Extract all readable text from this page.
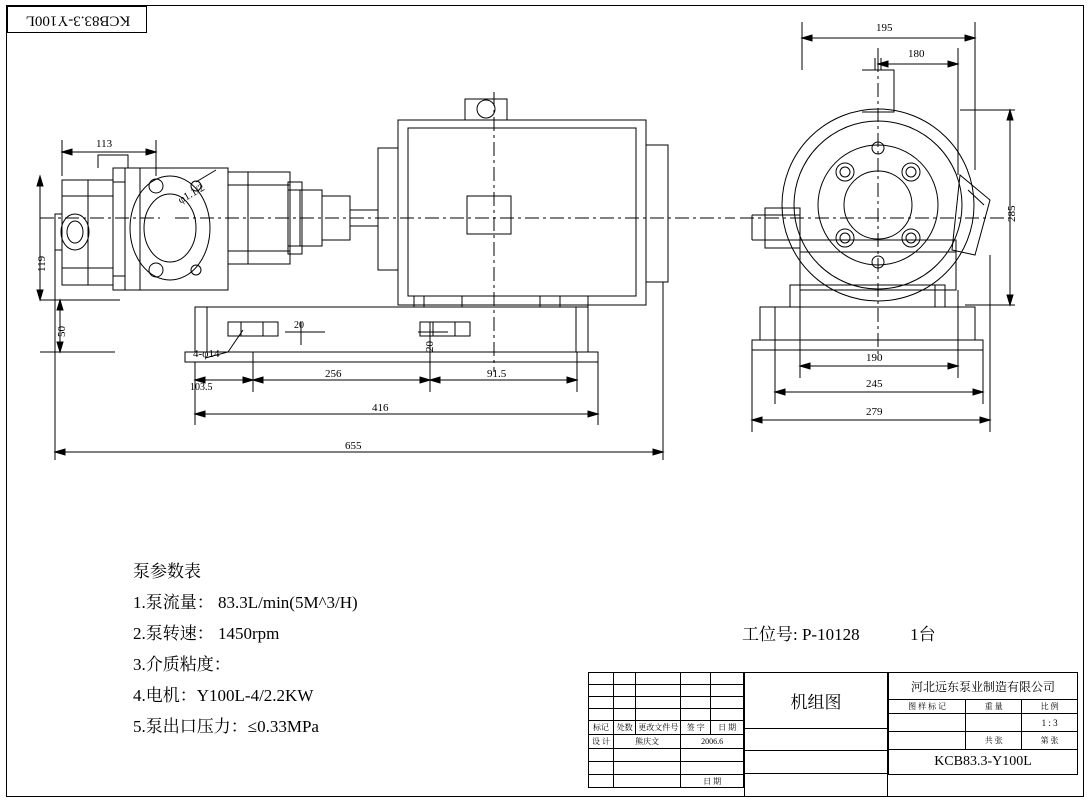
KCB83.3-Y100L
113
119
50
20
20
103.5
256	91.5
416
655
4-φ14
φ1.1/2
195
180
285
190
245
279
泵参数表
1.泵流量： 83.3L/min(5M^3/H)
2.泵转速： 1450rpm
3.介质粘度：
4.电机：Y100L-4/2.2KW
5.泵出口压力：≤0.33MPa
工位号: P-10128	1台

标记	处数	更改文件号	签 字	日 期
设 计	熊庆文		2006.6	

			日 期	
机组图

河北远东泵业制造有限公司		
图 样 标 记	重 量	比 例
		1 : 3
	共 张	第 张
KCB83.3-Y100L		
